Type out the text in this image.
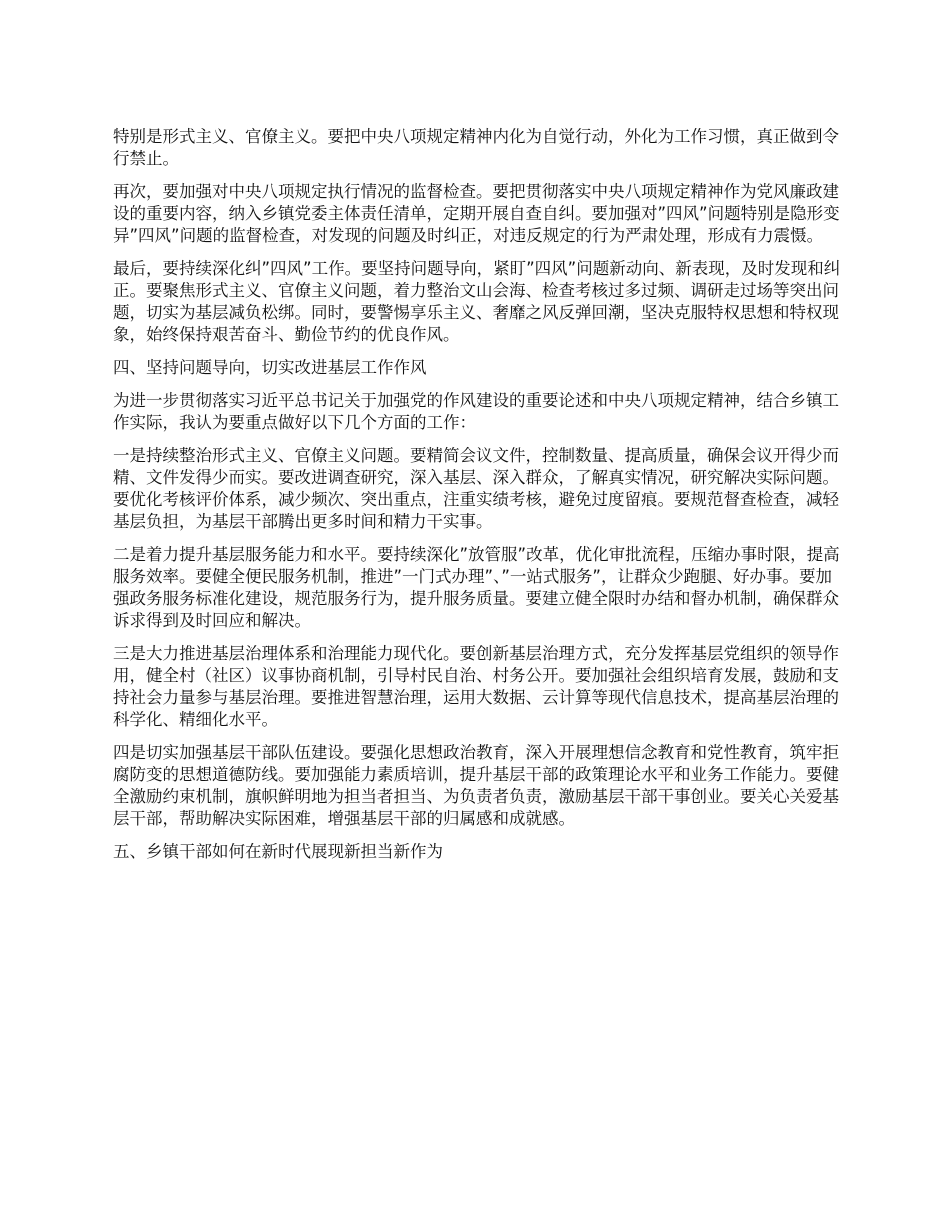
特别是形式主义、官僚主义。要把中央八项规定精神内化为自觉行动，外化为工作习惯，真正做到令行禁止。

再次，要加强对中央八项规定执行情况的监督检查。要把贯彻落实中央八项规定精神作为党风廉政建设的重要内容，纳入乡镇党委主体责任清单，定期开展自查自纠。要加强对”四风”问题特别是隐形变异”四风”问题的监督检查，对发现的问题及时纠正，对违反规定的行为严肃处理，形成有力震慑。

最后，要持续深化纠”四风”工作。要坚持问题导向，紧盯”四风”问题新动向、新表现，及时发现和纠正。要聚焦形式主义、官僚主义问题，着力整治文山会海、检查考核过多过频、调研走过场等突出问题，切实为基层减负松绑。同时，要警惕享乐主义、奢靡之风反弹回潮，坚决克服特权思想和特权现象，始终保持艰苦奋斗、勤俭节约的优良作风。

四、坚持问题导向，切实改进基层工作作风

为进一步贯彻落实习近平总书记关于加强党的作风建设的重要论述和中央八项规定精神，结合乡镇工作实际，我认为要重点做好以下几个方面的工作：

一是持续整治形式主义、官僚主义问题。要精简会议文件，控制数量、提高质量，确保会议开得少而精、文件发得少而实。要改进调查研究，深入基层、深入群众，了解真实情况，研究解决实际问题。要优化考核评价体系，减少频次、突出重点，注重实绩考核，避免过度留痕。要规范督查检查，减轻基层负担，为基层干部腾出更多时间和精力干实事。

二是着力提升基层服务能力和水平。要持续深化”放管服”改革，优化审批流程，压缩办事时限，提高服务效率。要健全便民服务机制，推进”一门式办理”、”一站式服务”，让群众少跑腿、好办事。要加强政务服务标准化建设，规范服务行为，提升服务质量。要建立健全限时办结和督办机制，确保群众诉求得到及时回应和解决。

三是大力推进基层治理体系和治理能力现代化。要创新基层治理方式，充分发挥基层党组织的领导作用，健全村（社区）议事协商机制，引导村民自治、村务公开。要加强社会组织培育发展，鼓励和支持社会力量参与基层治理。要推进智慧治理，运用大数据、云计算等现代信息技术，提高基层治理的科学化、精细化水平。

四是切实加强基层干部队伍建设。要强化思想政治教育，深入开展理想信念教育和党性教育，筑牢拒腐防变的思想道德防线。要加强能力素质培训，提升基层干部的政策理论水平和业务工作能力。要健全激励约束机制，旗帜鲜明地为担当者担当、为负责者负责，激励基层干部干事创业。要关心关爱基层干部，帮助解决实际困难，增强基层干部的归属感和成就感。

五、乡镇干部如何在新时代展现新担当新作为
